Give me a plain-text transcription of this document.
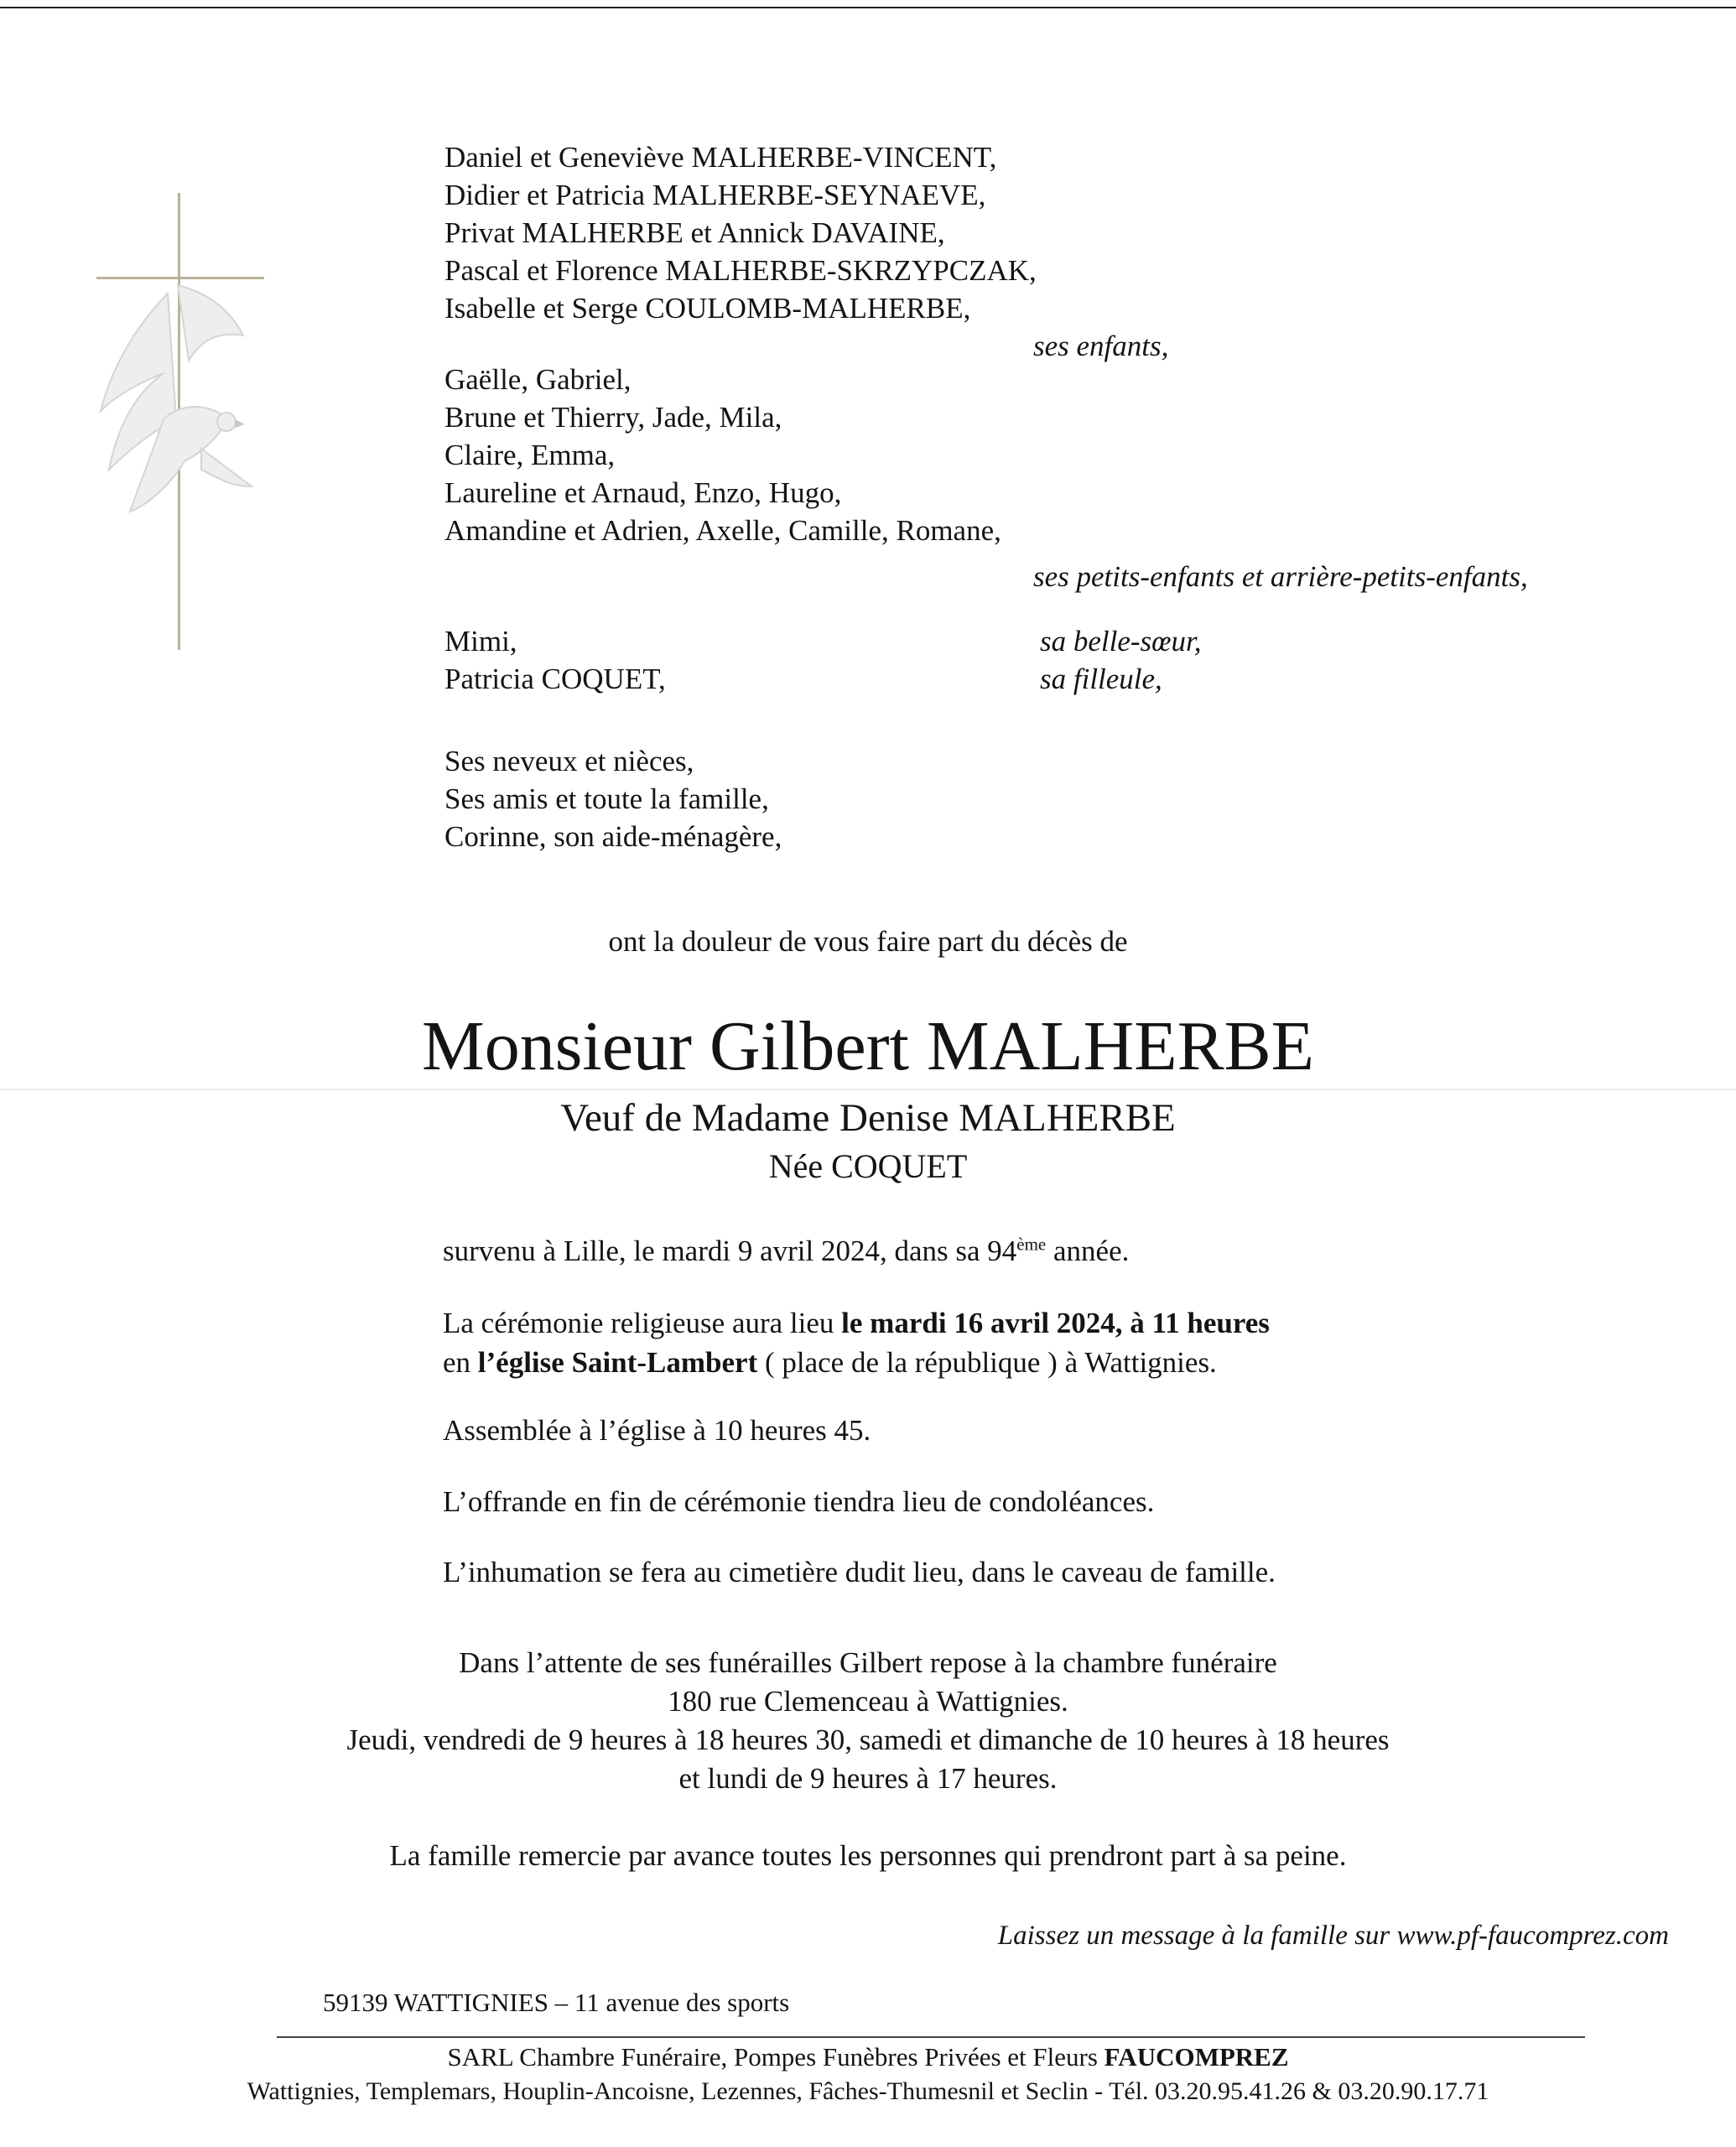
Daniel et Geneviève MALHERBE-VINCENT,
Didier et Patricia MALHERBE-SEYNAEVE,
Privat MALHERBE et Annick DAVAINE,
Pascal et Florence MALHERBE-SKRZYPCZAK,
Isabelle et Serge COULOMB-MALHERBE,
ses enfants,
Gaëlle, Gabriel,
Brune et Thierry, Jade, Mila,
Claire, Emma,
Laureline et Arnaud, Enzo, Hugo,
Amandine et Adrien, Axelle, Camille, Romane,
ses petits-enfants et arrière-petits-enfants,
Mimi,
Patricia COQUET,
sa belle-sœur,
sa filleule,
Ses neveux et nièces,
Ses amis et toute la famille,
Corinne, son aide-ménagère,
ont la douleur de vous faire part du décès de
Monsieur Gilbert MALHERBE
Veuf de Madame Denise MALHERBE
Née COQUET
survenu à Lille, le mardi 9 avril 2024, dans sa 94ème année.
La cérémonie religieuse aura lieu le mardi 16 avril 2024, à 11 heures
en l’église Saint-Lambert ( place de la république ) à Wattignies.
Assemblée à l’église à 10 heures 45.
L’offrande en fin de cérémonie tiendra lieu de condoléances.
L’inhumation se fera au cimetière dudit lieu, dans le caveau de famille.
Dans l’attente de ses funérailles Gilbert repose à la chambre funéraire
180 rue Clemenceau à Wattignies.
Jeudi, vendredi de 9 heures à 18 heures 30, samedi et dimanche de 10 heures à 18 heures
et lundi de 9 heures à 17 heures.
La famille remercie par avance toutes les personnes qui prendront part à sa peine.
Laissez un message à la famille sur www.pf-faucomprez.com
59139 WATTIGNIES – 11 avenue des sports
SARL Chambre Funéraire, Pompes Funèbres Privées et Fleurs FAUCOMPREZ
Wattignies, Templemars, Houplin-Ancoisne, Lezennes, Fâches-Thumesnil et Seclin - Tél. 03.20.95.41.26 & 03.20.90.17.71
